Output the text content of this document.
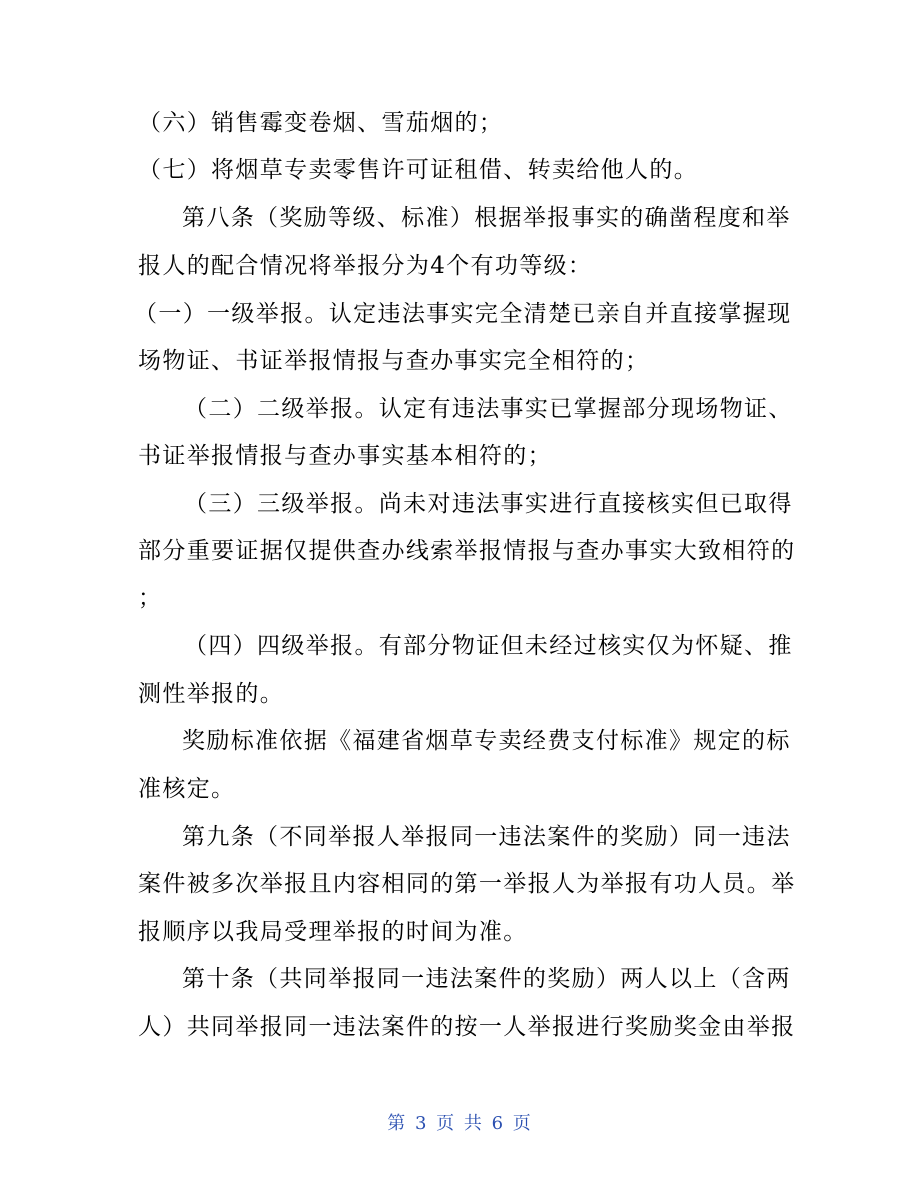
（六）销售霉变卷烟、雪茄烟的；
（七）将烟草专卖零售许可证租借、转卖给他人的。
第八条（奖励等级、标准）根据举报事实的确凿程度和举
报人的配合情况将举报分为4个有功等级：
（一）一级举报。认定违法事实完全清楚已亲自并直接掌握现
场物证、书证举报情报与查办事实完全相符的；
（二）二级举报。认定有违法事实已掌握部分现场物证、
书证举报情报与查办事实基本相符的；
（三）三级举报。尚未对违法事实进行直接核实但已取得
部分重要证据仅提供查办线索举报情报与查办事实大致相符的
；
（四）四级举报。有部分物证但未经过核实仅为怀疑、推
测性举报的。
奖励标准依据《福建省烟草专卖经费支付标准》规定的标
准核定。
第九条（不同举报人举报同一违法案件的奖励）同一违法
案件被多次举报且内容相同的第一举报人为举报有功人员。举
报顺序以我局受理举报的时间为准。
第十条（共同举报同一违法案件的奖励）两人以上（含两
人）共同举报同一违法案件的按一人举报进行奖励奖金由举报
第 3 页 共 6 页
